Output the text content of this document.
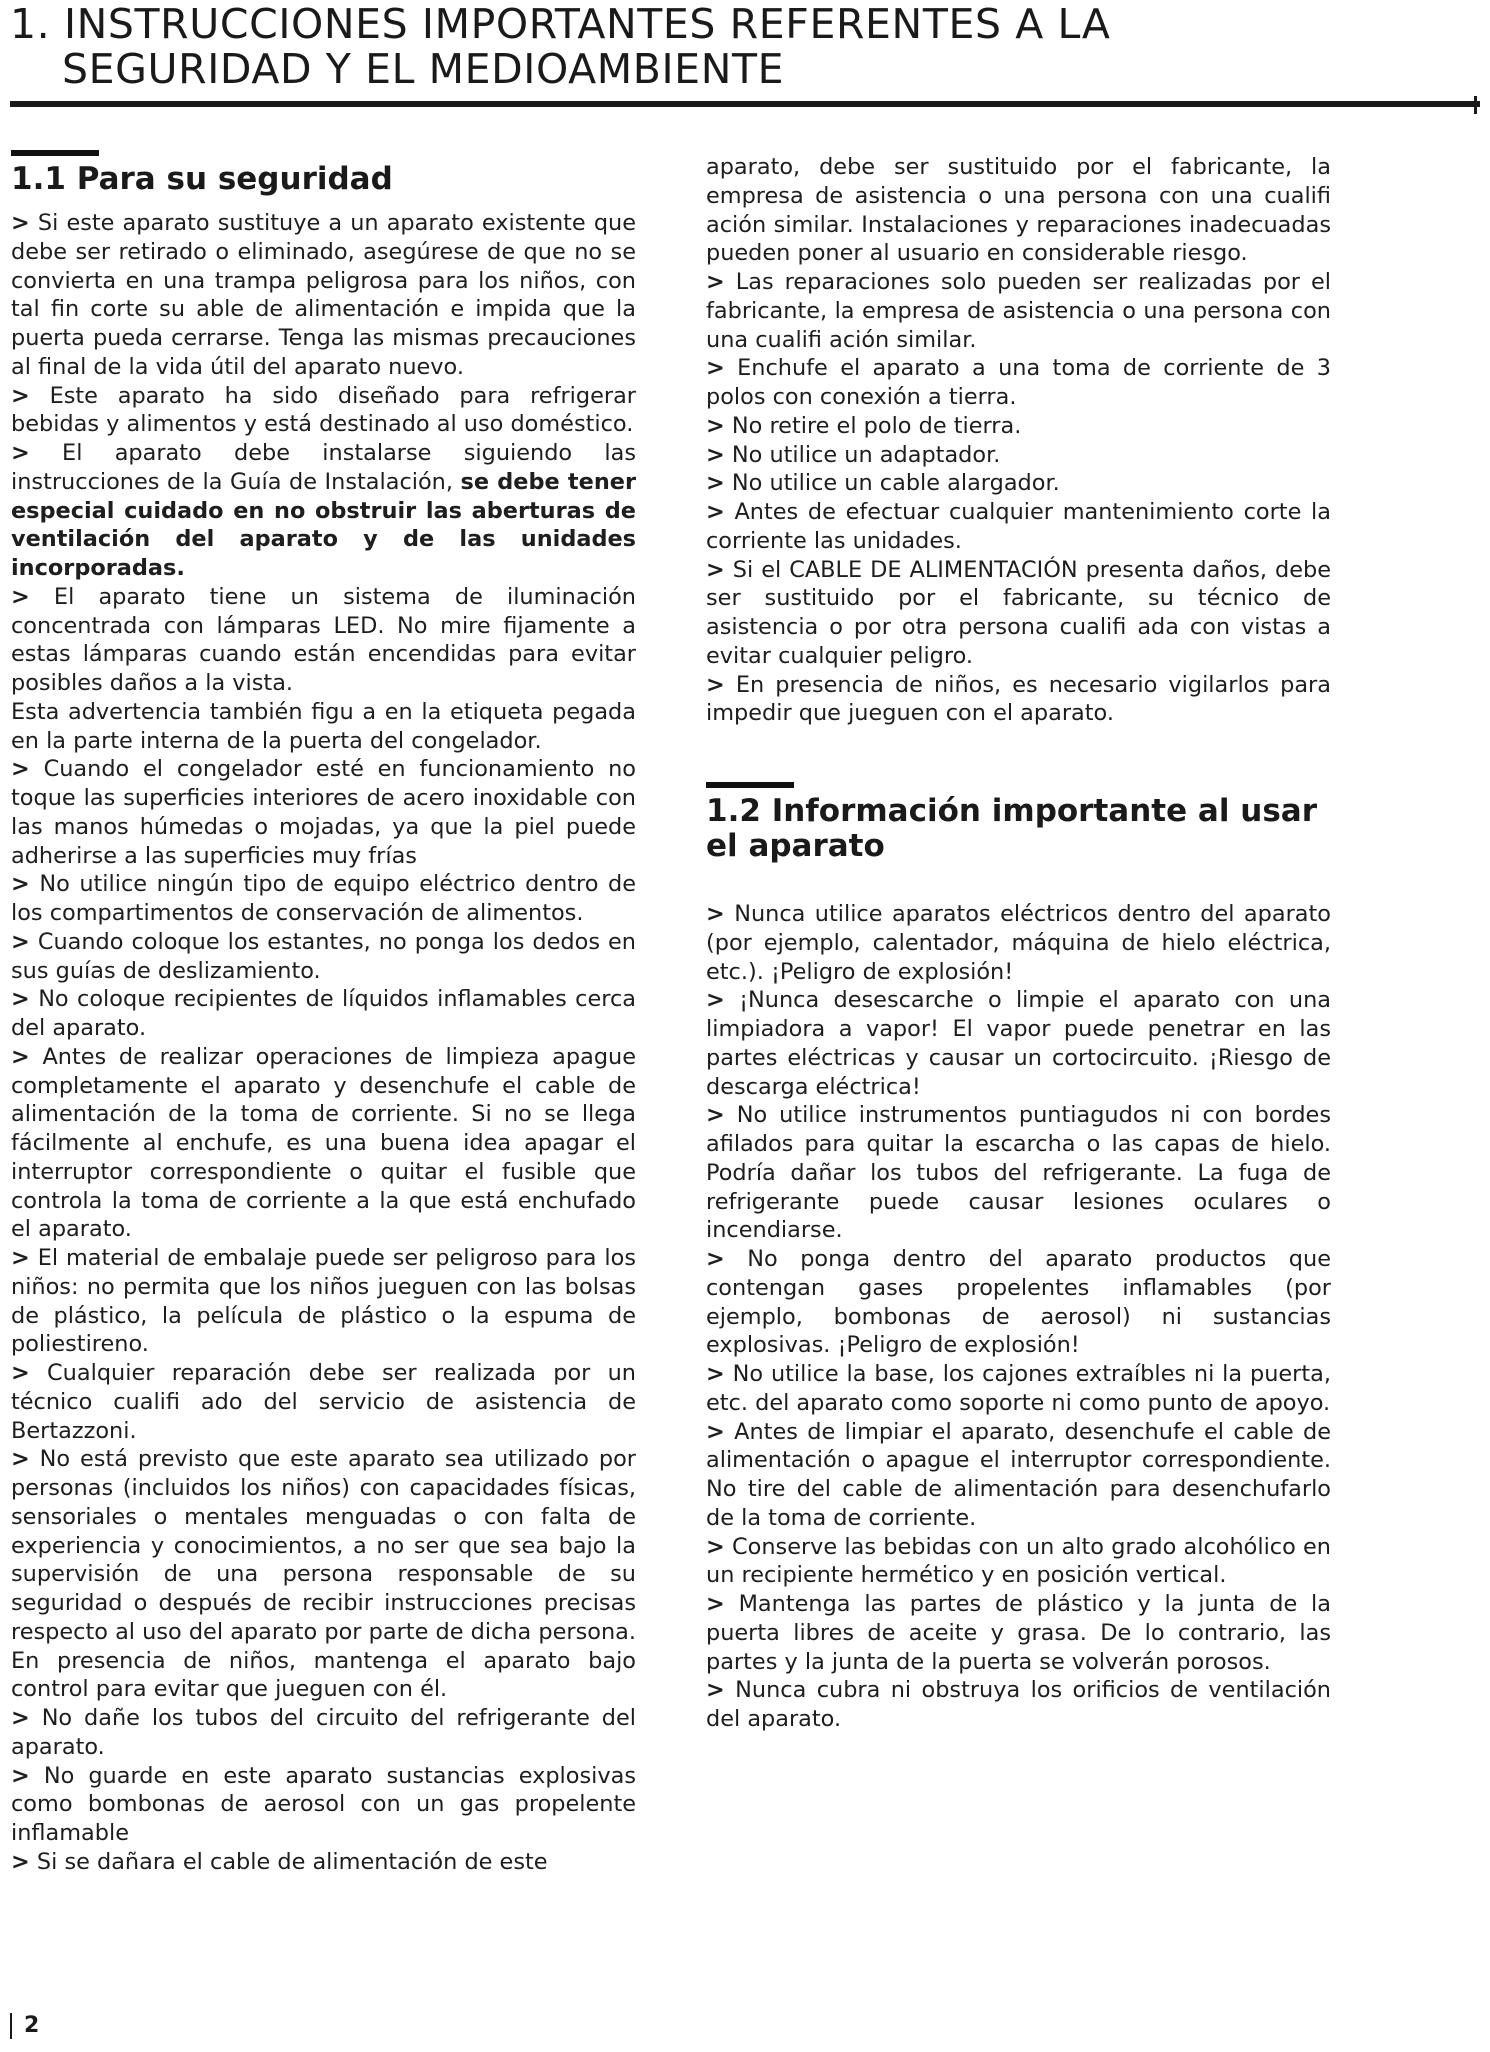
1. INSTRUCCIONES IMPORTANTES REFERENTES A LA
SEGURIDAD Y EL MEDIOAMBIENTE
1.1 Para su seguridad

> Si este aparato sustituye a un aparato existente que debe ser retirado o eliminado, asegúrese de que no se convierta en una trampa peligrosa para los niños, con tal fin corte su able de alimentación e impida que la puerta pueda cerrarse. Tenga las mismas precauciones al final de la vida útil del aparato nuevo.

> Este aparato ha sido diseñado para refrigerar bebidas y alimentos y está destinado al uso doméstico.

> El aparato debe instalarse siguiendo las instrucciones de la Guía de Instalación, se debe tener especial cuidado en no obstruir las aberturas de ventilación del aparato y de las unidades incorporadas.

> El aparato tiene un sistema de iluminación concentrada con lámparas LED. No mire fijamente a estas lámparas cuando están encendidas para evitar posibles daños a la vista.

Esta advertencia también figu a en la etiqueta pegada en la parte interna de la puerta del congelador.

> Cuando el congelador esté en funcionamiento no toque las superficies interiores de acero inoxidable con las manos húmedas o mojadas, ya que la piel puede adherirse a las superficies muy frías

> No utilice ningún tipo de equipo eléctrico dentro de los compartimentos de conservación de alimentos.

> Cuando coloque los estantes, no ponga los dedos en sus guías de deslizamiento.

> No coloque recipientes de líquidos inflamables cerca del aparato.

> Antes de realizar operaciones de limpieza apague completamente el aparato y desenchufe el cable de alimentación de la toma de corriente. Si no se llega fácilmente al enchufe, es una buena idea apagar el interruptor correspondiente o quitar el fusible que controla la toma de corriente a la que está enchufado el aparato.

> El material de embalaje puede ser peligroso para los niños: no permita que los niños jueguen con las bolsas de plástico, la película de plástico o la espuma de poliestireno.

> Cualquier reparación debe ser realizada por un técnico cualifi ado del servicio de asistencia de Bertazzoni.

> No está previsto que este aparato sea utilizado por personas (incluidos los niños) con capacidades físicas, sensoriales o mentales menguadas o con falta de experiencia y conocimientos, a no ser que sea bajo la supervisión de una persona responsable de su seguridad o después de recibir instrucciones precisas respecto al uso del aparato por parte de dicha persona. En presencia de niños, mantenga el aparato bajo control para evitar que jueguen con él.

> No dañe los tubos del circuito del refrigerante del aparato.

> No guarde en este aparato sustancias explosivas como bombonas de aerosol con un gas propelente inflamable

> Si se dañara el cable de alimentación de este

aparato, debe ser sustituido por el fabricante, la empresa de asistencia o una persona con una cualifi ación similar. Instalaciones y reparaciones inadecuadas pueden poner al usuario en considerable riesgo.

> Las reparaciones solo pueden ser realizadas por el fabricante, la empresa de asistencia o una persona con una cualifi ación similar.

> Enchufe el aparato a una toma de corriente de 3 polos con conexión a tierra.

> No retire el polo de tierra.

> No utilice un adaptador.

> No utilice un cable alargador.

> Antes de efectuar cualquier mantenimiento corte la corriente las unidades.

> Si el CABLE DE ALIMENTACIÓN presenta daños, debe ser sustituido por el fabricante, su técnico de asistencia o por otra persona cualifi ada con vistas a evitar cualquier peligro.

> En presencia de niños, es necesario vigilarlos para impedir que jueguen con el aparato.

1.2 Información importante al usar el aparato

> Nunca utilice aparatos eléctricos dentro del aparato (por ejemplo, calentador, máquina de hielo eléctrica, etc.). ¡Peligro de explosión!

> ¡Nunca desescarche o limpie el aparato con una limpiadora a vapor! El vapor puede penetrar en las partes eléctricas y causar un cortocircuito. ¡Riesgo de descarga eléctrica!

> No utilice instrumentos puntiagudos ni con bordes afilados para quitar la escarcha o las capas de hielo. Podría dañar los tubos del refrigerante. La fuga de refrigerante puede causar lesiones oculares o incendiarse.

> No ponga dentro del aparato productos que contengan gases propelentes inflamables (por ejemplo, bombonas de aerosol) ni sustancias explosivas. ¡Peligro de explosión!

> No utilice la base, los cajones extraíbles ni la puerta, etc. del aparato como soporte ni como punto de apoyo.

> Antes de limpiar el aparato, desenchufe el cable de alimentación o apague el interruptor correspondiente. No tire del cable de alimentación para desenchufarlo de la toma de corriente.

> Conserve las bebidas con un alto grado alcohólico en un recipiente hermético y en posición vertical.

> Mantenga las partes de plástico y la junta de la puerta libres de aceite y grasa. De lo contrario, las partes y la junta de la puerta se volverán porosos.

> Nunca cubra ni obstruya los orificios de ventilación del aparato.

2
